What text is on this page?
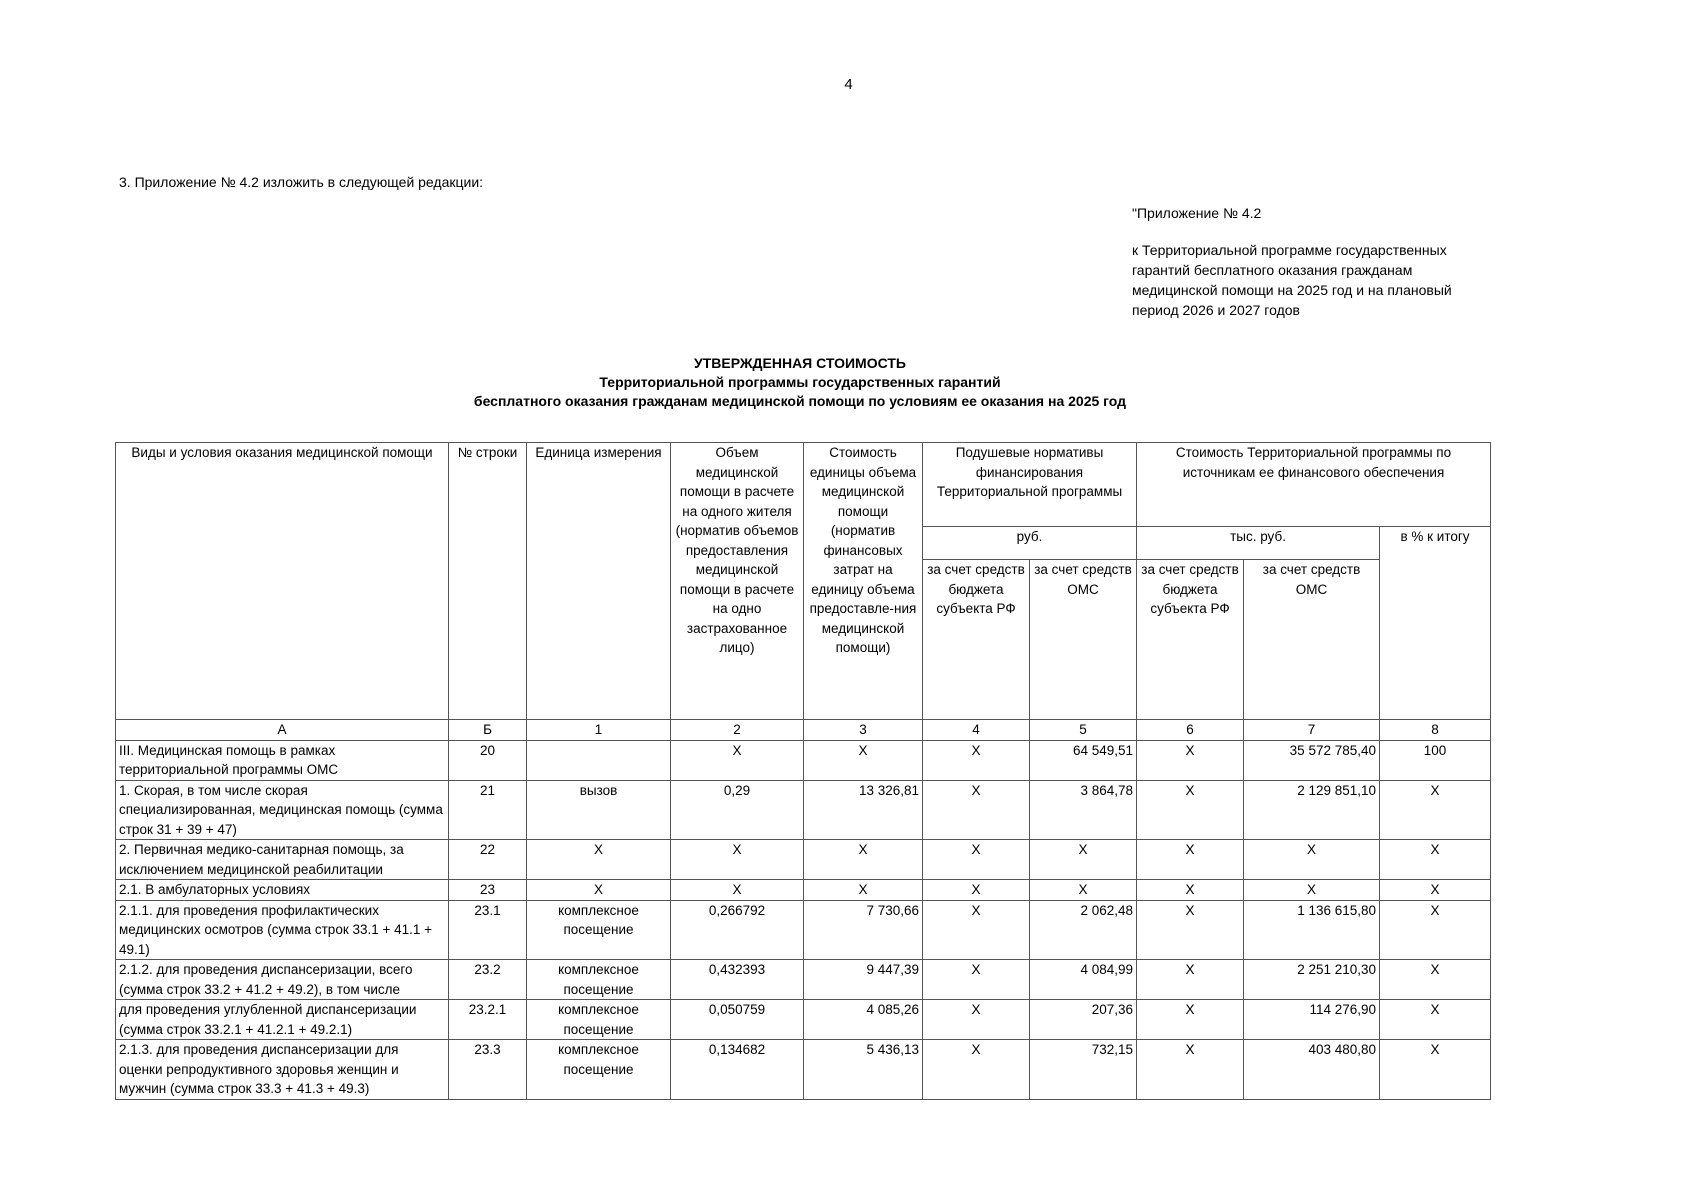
4
3. Приложение № 4.2 изложить в следующей редакции:
"Приложение № 4.2
к Территориальной программе государственных
гарантий бесплатного оказания гражданам
медицинской помощи на 2025 год и на плановый
период 2026 и 2027 годов
УТВЕРЖДЕННАЯ СТОИМОСТЬ
Территориальной программы государственных гарантий
бесплатного оказания гражданам медицинской помощи по условиям ее оказания на 2025 год
Виды и условия оказания медицинской помощи	№ строки	Единица измерения	Объем медицинской помощи в расчете на одного жителя (норматив объемов предоставления медицинской помощи в расчете на одно застрахованное лицо)	Стоимость единицы объема медицинской помощи (норматив финансовых затрат на единицу объема предоставле-ния медицинской помощи)	Подушевые нормативы финансирования Территориальной программы		Стоимость Территориальной программы по источникам ее финансового обеспечения		
					руб.		тыс. руб.		в % к итогу
					за счет средств бюджета субъекта РФ	за счет средств ОМС	за счет средств бюджета субъекта РФ	за счет средств ОМС	
А	Б	1	2	3	4	5	6	7	8
III. Медицинская помощь в рамках территориальной программы ОМС	20		X	X	X	64 549,51	X	35 572 785,40	100
1. Скорая, в том числе скорая специализированная, медицинская помощь (сумма строк 31 + 39 + 47)	21	вызов	0,29	13 326,81	X	3 864,78	X	2 129 851,10	X
2. Первичная медико-санитарная помощь, за исключением медицинской реабилитации	22	X	X	X	X	X	X	X	X
2.1. В амбулаторных условиях	23	X	X	X	X	X	X	X	X
2.1.1. для проведения профилактических медицинских осмотров (сумма строк 33.1 + 41.1 + 49.1)	23.1	комплексное посещение	0,266792	7 730,66	X	2 062,48	X	1 136 615,80	X
2.1.2. для проведения диспансеризации, всего (сумма строк 33.2 + 41.2 + 49.2), в том числе	23.2	комплексное посещение	0,432393	9 447,39	X	4 084,99	X	2 251 210,30	X
для проведения углубленной диспансеризации (сумма строк 33.2.1 + 41.2.1 + 49.2.1)	23.2.1	комплексное посещение	0,050759	4 085,26	X	207,36	X	114 276,90	X
2.1.3. для проведения диспансеризации для оценки репродуктивного здоровья женщин и мужчин (сумма строк 33.3 + 41.3 + 49.3)	23.3	комплексное посещение	0,134682	5 436,13	X	732,15	X	403 480,80	X
